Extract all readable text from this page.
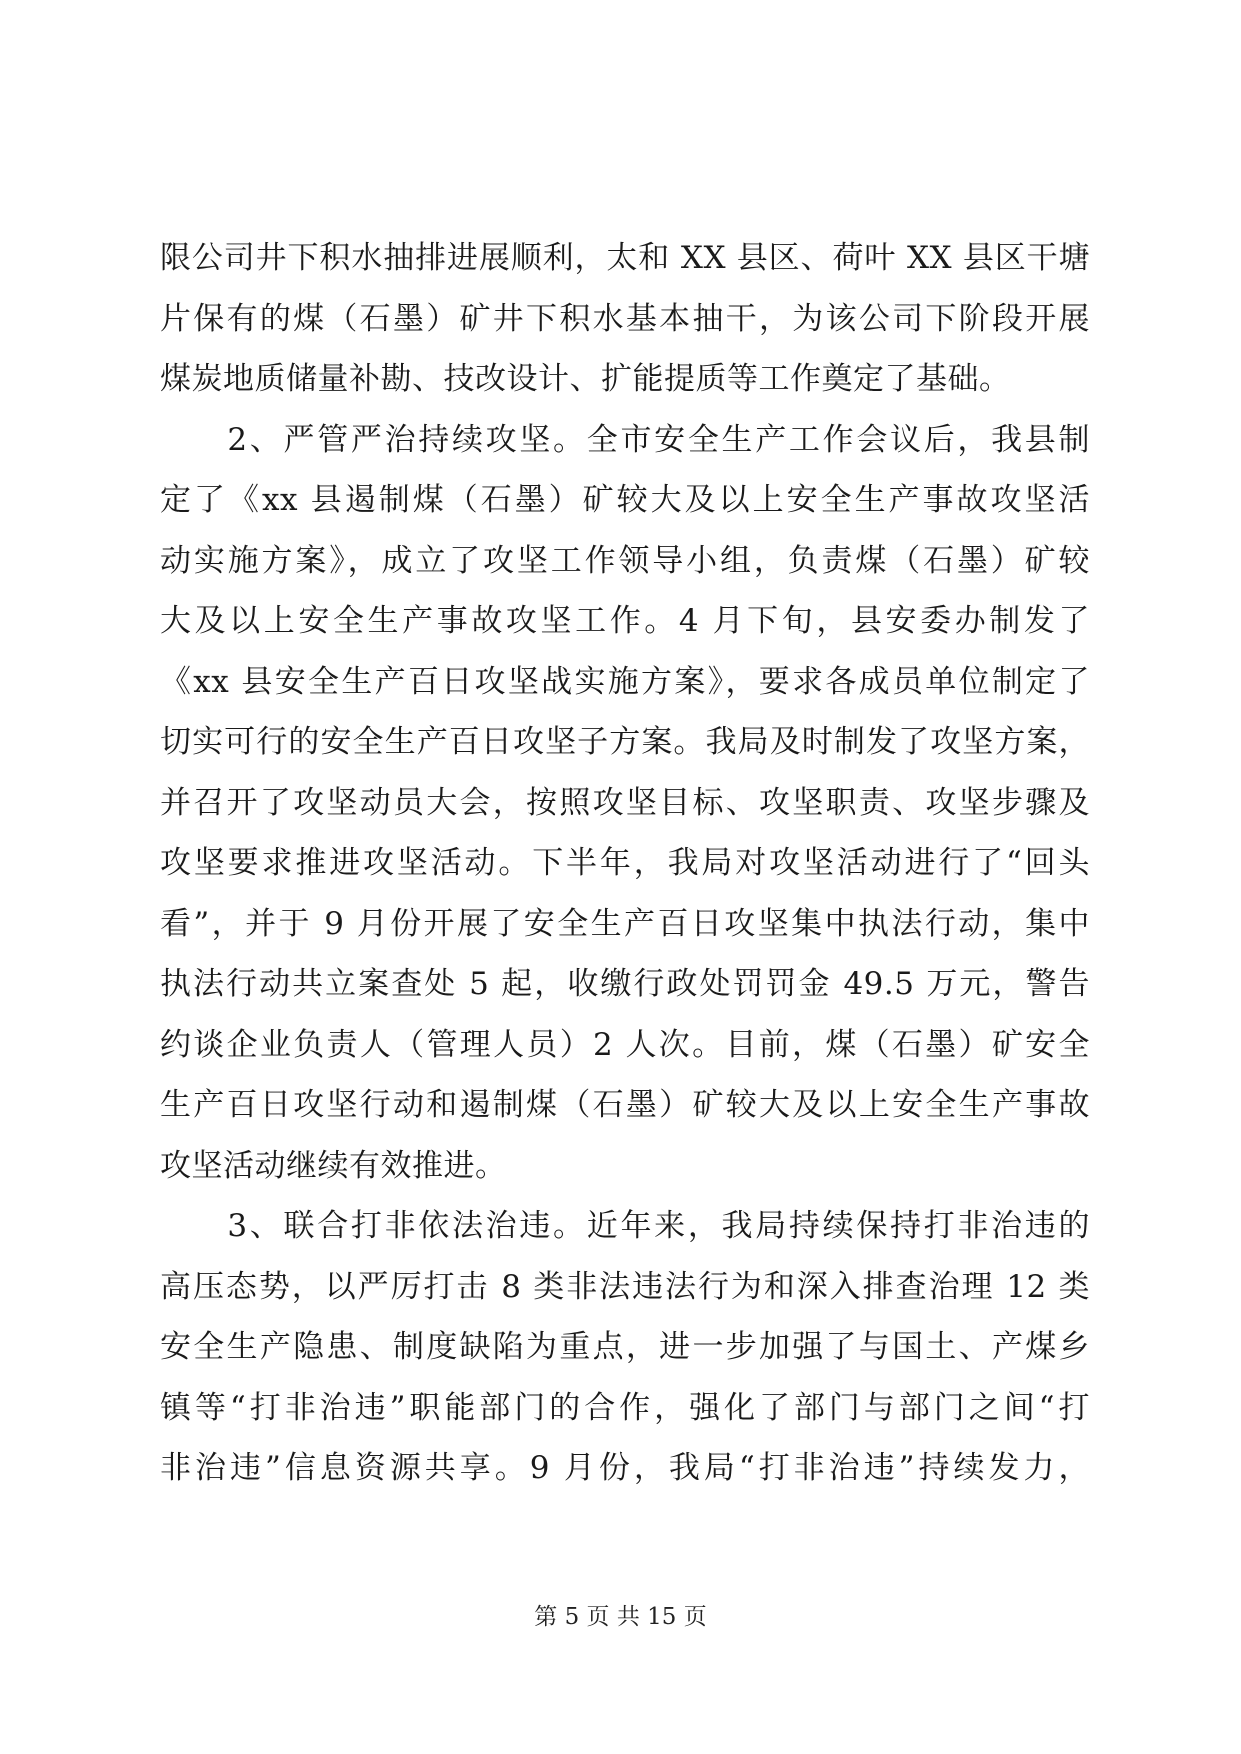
限公司井下积水抽排进展顺利，太和 XX 县区、荷叶 XX 县区干塘
片保有的煤（石墨）矿井下积水基本抽干，为该公司下阶段开展
煤炭地质储量补勘、技改设计、扩能提质等工作奠定了基础。
　　2、严管严治持续攻坚。全市安全生产工作会议后，我县制
定了《xx 县遏制煤（石墨）矿较大及以上安全生产事故攻坚活
动实施方案》，成立了攻坚工作领导小组，负责煤（石墨）矿较
大及以上安全生产事故攻坚工作。4 月下旬，县安委办制发了
《xx 县安全生产百日攻坚战实施方案》，要求各成员单位制定了
切实可行的安全生产百日攻坚子方案。我局及时制发了攻坚方案，
并召开了攻坚动员大会，按照攻坚目标、攻坚职责、攻坚步骤及
攻坚要求推进攻坚活动。下半年，我局对攻坚活动进行了“回头
看”，并于 9 月份开展了安全生产百日攻坚集中执法行动，集中
执法行动共立案查处 5 起，收缴行政处罚罚金 49.5 万元，警告
约谈企业负责人（管理人员）2 人次。目前，煤（石墨）矿安全
生产百日攻坚行动和遏制煤（石墨）矿较大及以上安全生产事故
攻坚活动继续有效推进。
　　3、联合打非依法治违。近年来，我局持续保持打非治违的
高压态势，以严厉打击 8 类非法违法行为和深入排查治理 12 类
安全生产隐患、制度缺陷为重点，进一步加强了与国土、产煤乡
镇等“打非治违”职能部门的合作，强化了部门与部门之间“打
非治违”信息资源共享。9 月份，我局“打非治违”持续发力，
第 5 页 共 15 页
